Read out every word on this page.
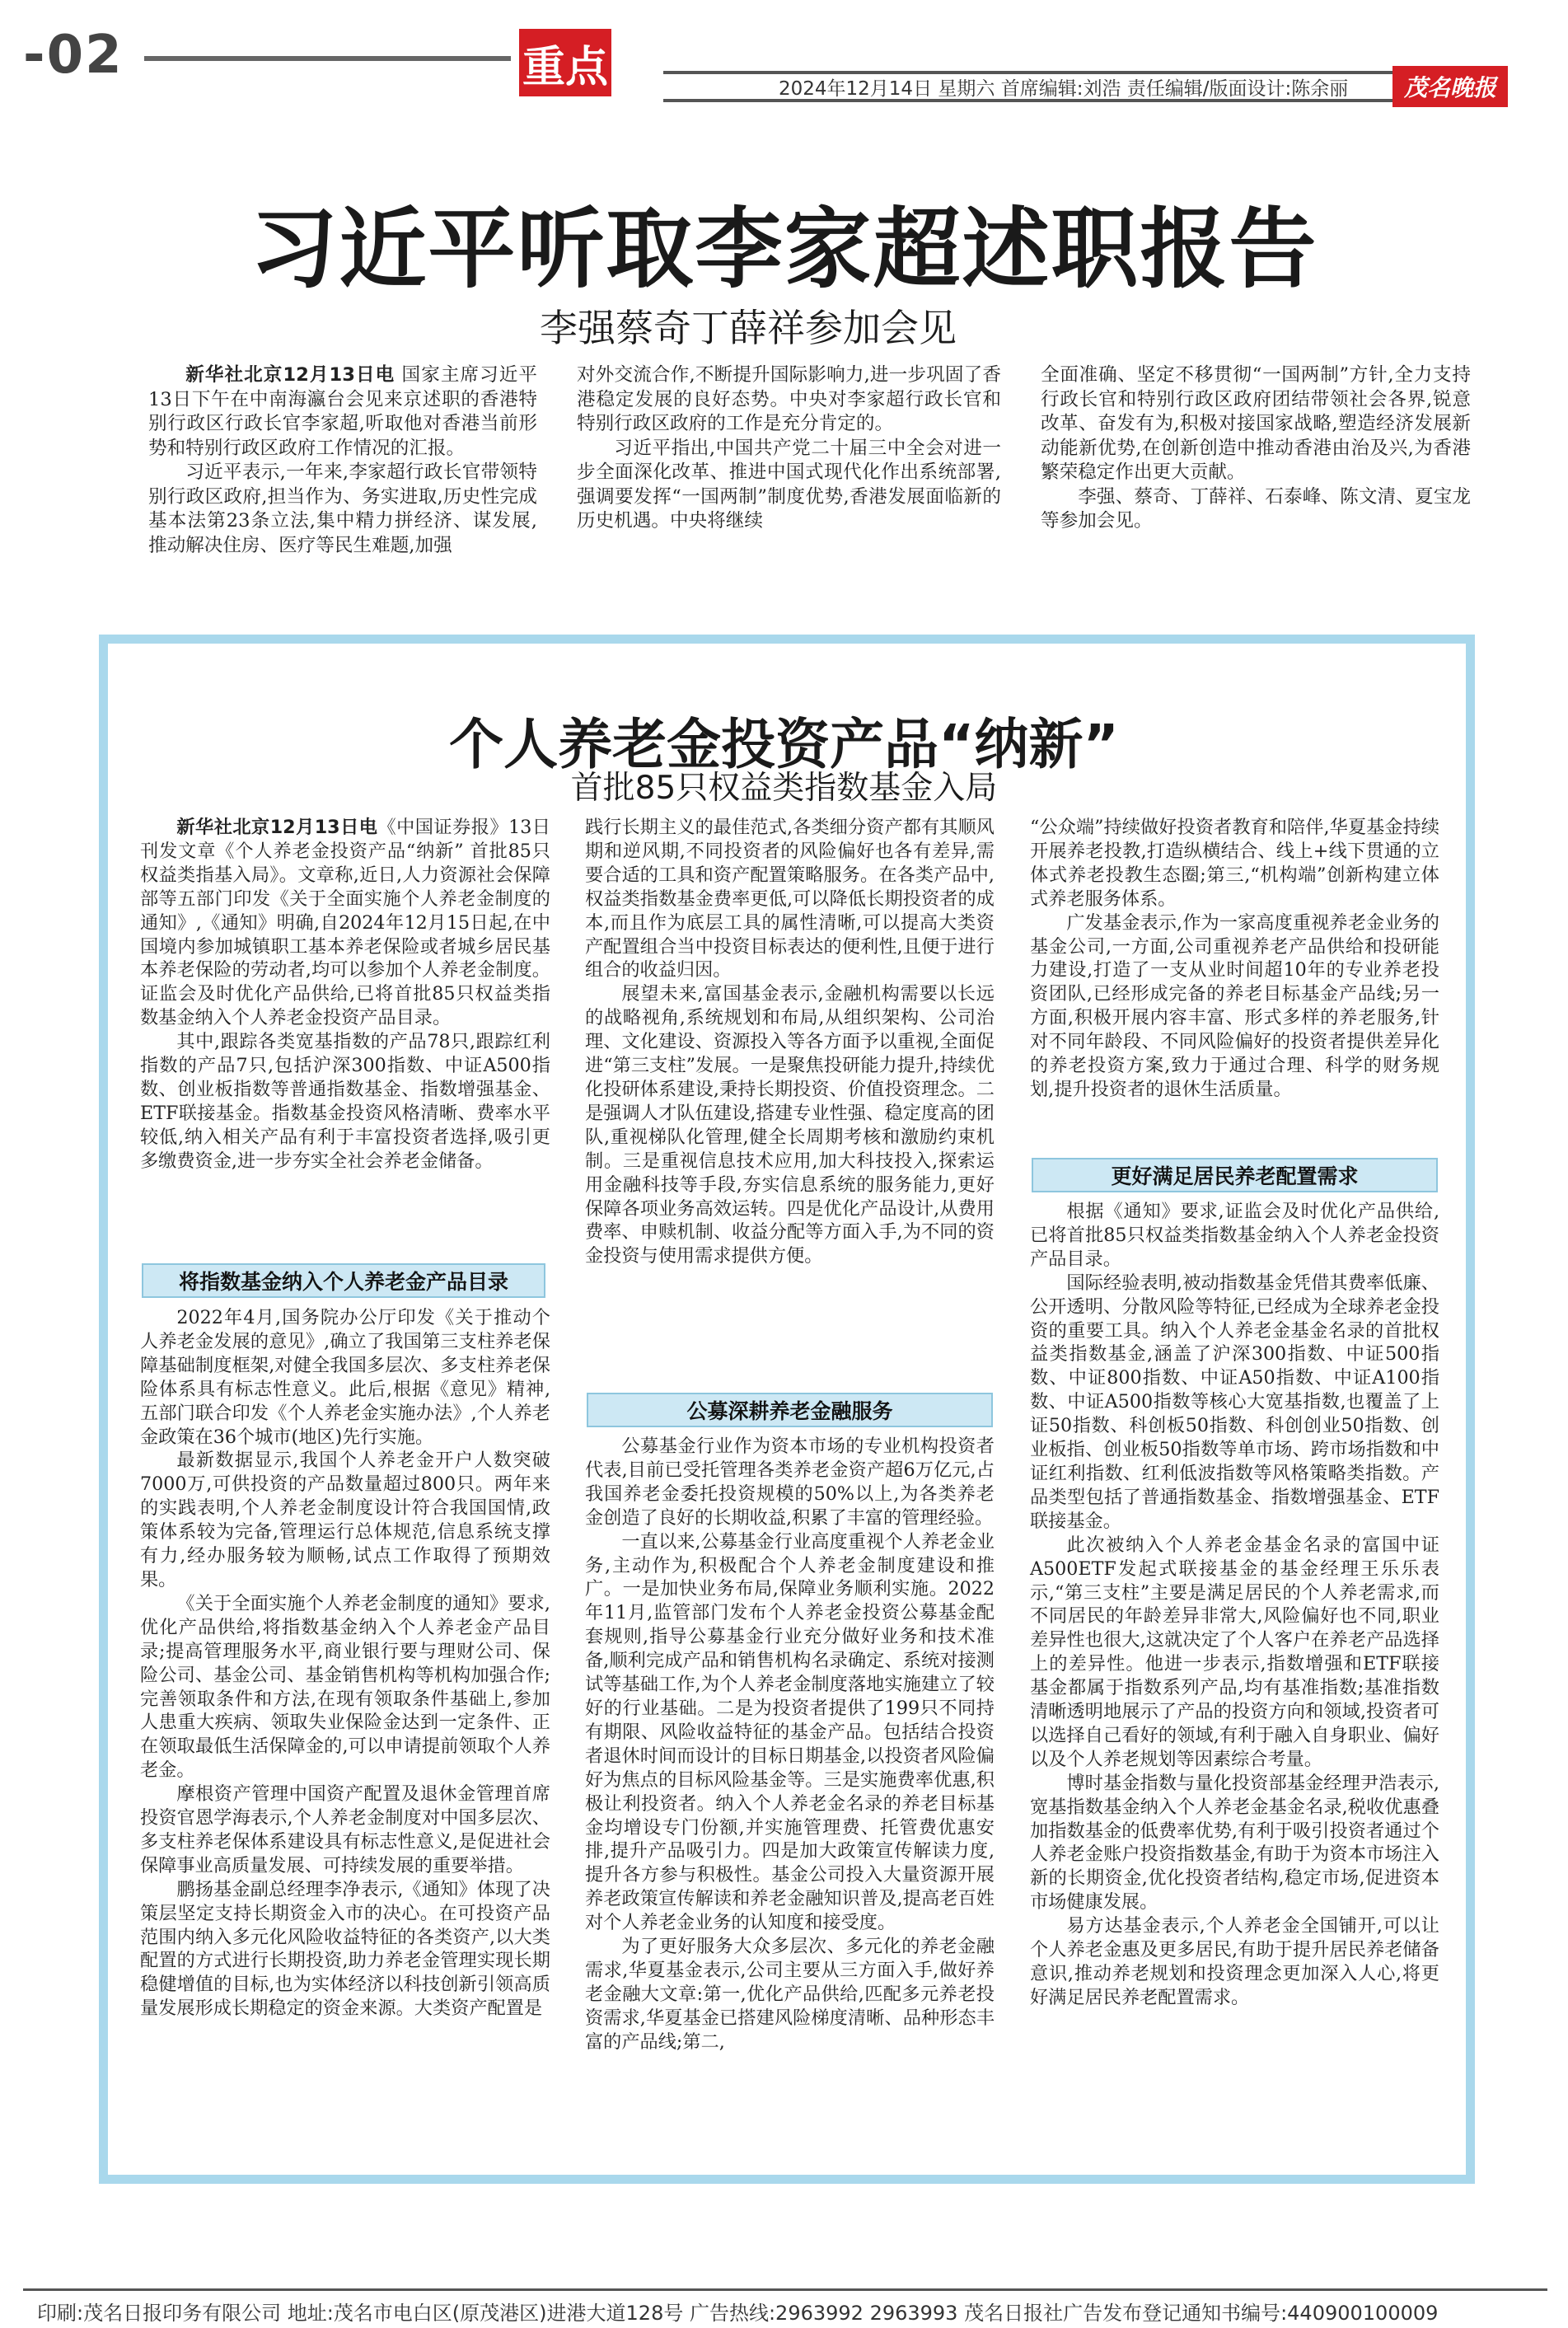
-02	重点	2024年12月14日 星期六 首席编辑:刘浩 责任编辑/版面设计:陈余丽	茂名晚报
习近平听取李家超述职报告
李强蔡奇丁薛祥参加会见

新华社北京12月13日电 国家主席习近平13日下午在中南海瀛台会见来京述职的香港特别行政区行政长官李家超,听取他对香港当前形势和特别行政区政府工作情况的汇报。

习近平表示,一年来,李家超行政长官带领特别行政区政府,担当作为、务实进取,历史性完成基本法第23条立法,集中精力拼经济、谋发展,推动解决住房、医疗等民生难题,加强

对外交流合作,不断提升国际影响力,进一步巩固了香港稳定发展的良好态势。中央对李家超行政长官和特别行政区政府的工作是充分肯定的。

习近平指出,中国共产党二十届三中全会对进一步全面深化改革、推进中国式现代化作出系统部署,强调要发挥“一国两制”制度优势,香港发展面临新的历史机遇。中央将继续

全面准确、坚定不移贯彻“一国两制”方针,全力支持行政长官和特别行政区政府团结带领社会各界,锐意改革、奋发有为,积极对接国家战略,塑造经济发展新动能新优势,在创新创造中推动香港由治及兴,为香港繁荣稳定作出更大贡献。

李强、蔡奇、丁薛祥、石泰峰、陈文清、夏宝龙等参加会见。

个人养老金投资产品“纳新”
首批85只权益类指数基金入局

新华社北京12月13日电《中国证券报》13日刊发文章《个人养老金投资产品“纳新” 首批85只权益类指基入局》。文章称,近日,人力资源社会保障部等五部门印发《关于全面实施个人养老金制度的通知》,《通知》明确,自2024年12月15日起,在中国境内参加城镇职工基本养老保险或者城乡居民基本养老保险的劳动者,均可以参加个人养老金制度。证监会及时优化产品供给,已将首批85只权益类指数基金纳入个人养老金投资产品目录。

其中,跟踪各类宽基指数的产品78只,跟踪红利指数的产品7只,包括沪深300指数、中证A500指数、创业板指数等普通指数基金、指数增强基金、ETF联接基金。指数基金投资风格清晰、费率水平较低,纳入相关产品有利于丰富投资者选择,吸引更多缴费资金,进一步夯实全社会养老金储备。

将指数基金纳入个人养老金产品目录

2022年4月,国务院办公厅印发《关于推动个人养老金发展的意见》,确立了我国第三支柱养老保障基础制度框架,对健全我国多层次、多支柱养老保险体系具有标志性意义。此后,根据《意见》精神,五部门联合印发《个人养老金实施办法》,个人养老金政策在36个城市(地区)先行实施。

最新数据显示,我国个人养老金开户人数突破7000万,可供投资的产品数量超过800只。两年来的实践表明,个人养老金制度设计符合我国国情,政策体系较为完备,管理运行总体规范,信息系统支撑有力,经办服务较为顺畅,试点工作取得了预期效果。

《关于全面实施个人养老金制度的通知》要求,优化产品供给,将指数基金纳入个人养老金产品目录;提高管理服务水平,商业银行要与理财公司、保险公司、基金公司、基金销售机构等机构加强合作;完善领取条件和方法,在现有领取条件基础上,参加人患重大疾病、领取失业保险金达到一定条件、正在领取最低生活保障金的,可以申请提前领取个人养老金。

摩根资产管理中国资产配置及退休金管理首席投资官恩学海表示,个人养老金制度对中国多层次、多支柱养老保体系建设具有标志性意义,是促进社会保障事业高质量发展、可持续发展的重要举措。

鹏扬基金副总经理李净表示,《通知》体现了决策层坚定支持长期资金入市的决心。在可投资产品范围内纳入多元化风险收益特征的各类资产,以大类配置的方式进行长期投资,助力养老金管理实现长期稳健增值的目标,也为实体经济以科技创新引领高质量发展形成长期稳定的资金来源。大类资产配置是

践行长期主义的最佳范式,各类细分资产都有其顺风期和逆风期,不同投资者的风险偏好也各有差异,需要合适的工具和资产配置策略服务。在各类产品中,权益类指数基金费率更低,可以降低长期投资者的成本,而且作为底层工具的属性清晰,可以提高大类资产配置组合当中投资目标表达的便利性,且便于进行组合的收益归因。

展望未来,富国基金表示,金融机构需要以长远的战略视角,系统规划和布局,从组织架构、公司治理、文化建设、资源投入等各方面予以重视,全面促进“第三支柱”发展。一是聚焦投研能力提升,持续优化投研体系建设,秉持长期投资、价值投资理念。二是强调人才队伍建设,搭建专业性强、稳定度高的团队,重视梯队化管理,健全长周期考核和激励约束机制。三是重视信息技术应用,加大科技投入,探索运用金融科技等手段,夯实信息系统的服务能力,更好保障各项业务高效运转。四是优化产品设计,从费用费率、申赎机制、收益分配等方面入手,为不同的资金投资与使用需求提供方便。

公募深耕养老金融服务

公募基金行业作为资本市场的专业机构投资者代表,目前已受托管理各类养老金资产超6万亿元,占我国养老金委托投资规模的50%以上,为各类养老金创造了良好的长期收益,积累了丰富的管理经验。

一直以来,公募基金行业高度重视个人养老金业务,主动作为,积极配合个人养老金制度建设和推广。一是加快业务布局,保障业务顺利实施。2022年11月,监管部门发布个人养老金投资公募基金配套规则,指导公募基金行业充分做好业务和技术准备,顺利完成产品和销售机构名录确定、系统对接测试等基础工作,为个人养老金制度落地实施建立了较好的行业基础。二是为投资者提供了199只不同持有期限、风险收益特征的基金产品。包括结合投资者退休时间而设计的目标日期基金,以投资者风险偏好为焦点的目标风险基金等。三是实施费率优惠,积极让利投资者。纳入个人养老金名录的养老目标基金均增设专门份额,并实施管理费、托管费优惠安排,提升产品吸引力。四是加大政策宣传解读力度,提升各方参与积极性。基金公司投入大量资源开展养老政策宣传解读和养老金融知识普及,提高老百姓对个人养老金业务的认知度和接受度。

为了更好服务大众多层次、多元化的养老金融需求,华夏基金表示,公司主要从三方面入手,做好养老金融大文章:第一,优化产品供给,匹配多元养老投资需求,华夏基金已搭建风险梯度清晰、品种形态丰富的产品线;第二,

“公众端”持续做好投资者教育和陪伴,华夏基金持续开展养老投教,打造纵横结合、线上+线下贯通的立体式养老投教生态圈;第三,“机构端”创新构建立体式养老服务体系。

广发基金表示,作为一家高度重视养老金业务的基金公司,一方面,公司重视养老产品供给和投研能力建设,打造了一支从业时间超10年的专业养老投资团队,已经形成完备的养老目标基金产品线;另一方面,积极开展内容丰富、形式多样的养老服务,针对不同年龄段、不同风险偏好的投资者提供差异化的养老投资方案,致力于通过合理、科学的财务规划,提升投资者的退休生活质量。

更好满足居民养老配置需求

根据《通知》要求,证监会及时优化产品供给,已将首批85只权益类指数基金纳入个人养老金投资产品目录。

国际经验表明,被动指数基金凭借其费率低廉、公开透明、分散风险等特征,已经成为全球养老金投资的重要工具。纳入个人养老金基金名录的首批权益类指数基金,涵盖了沪深300指数、中证500指数、中证800指数、中证A50指数、中证A100指数、中证A500指数等核心大宽基指数,也覆盖了上证50指数、科创板50指数、科创创业50指数、创业板指、创业板50指数等单市场、跨市场指数和中证红利指数、红利低波指数等风格策略类指数。产品类型包括了普通指数基金、指数增强基金、ETF联接基金。

此次被纳入个人养老金基金名录的富国中证A500ETF发起式联接基金的基金经理王乐乐表示,“第三支柱”主要是满足居民的个人养老需求,而不同居民的年龄差异非常大,风险偏好也不同,职业差异性也很大,这就决定了个人客户在养老产品选择上的差异性。他进一步表示,指数增强和ETF联接基金都属于指数系列产品,均有基准指数;基准指数清晰透明地展示了产品的投资方向和领域,投资者可以选择自己看好的领域,有利于融入自身职业、偏好以及个人养老规划等因素综合考量。

博时基金指数与量化投资部基金经理尹浩表示,宽基指数基金纳入个人养老金基金名录,税收优惠叠加指数基金的低费率优势,有利于吸引投资者通过个人养老金账户投资指数基金,有助于为资本市场注入新的长期资金,优化投资者结构,稳定市场,促进资本市场健康发展。

易方达基金表示,个人养老金全国铺开,可以让个人养老金惠及更多居民,有助于提升居民养老储备意识,推动养老规划和投资理念更加深入人心,将更好满足居民养老配置需求。

印刷:茂名日报印务有限公司 地址:茂名市电白区(原茂港区)进港大道128号 广告热线:2963992 2963993 茂名日报社广告发布登记通知书编号:440900100009
